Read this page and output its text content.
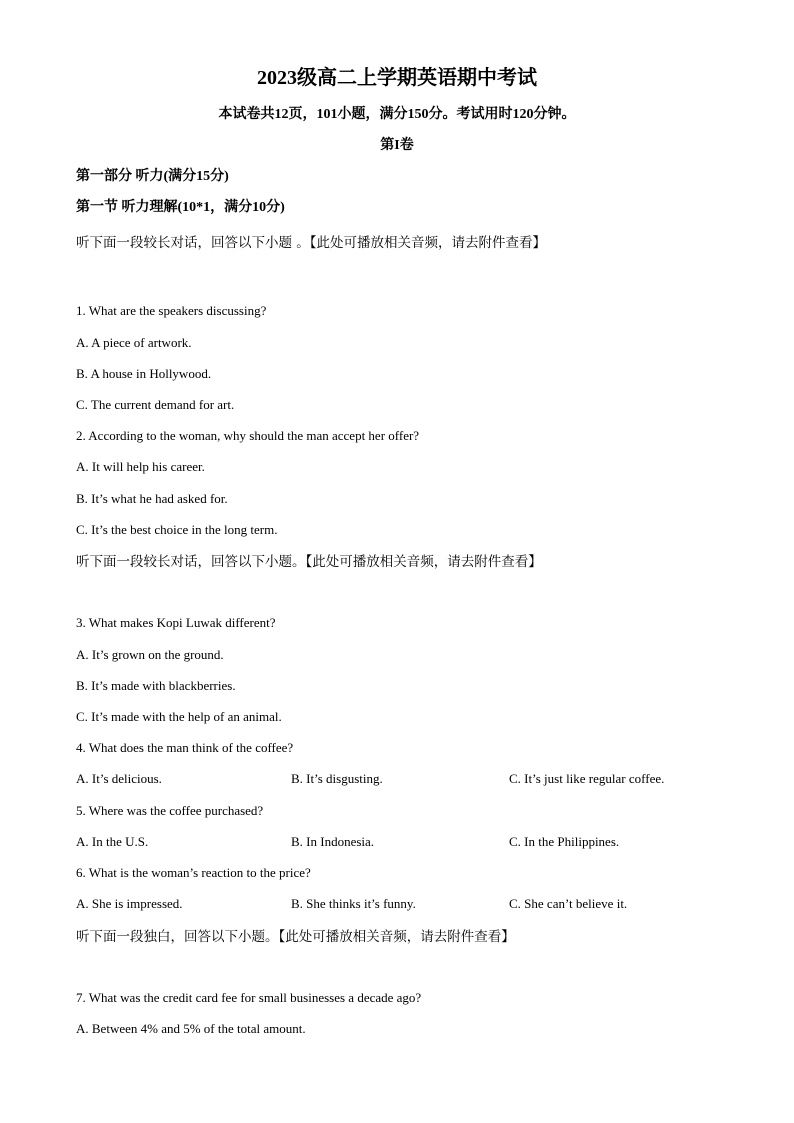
2023级高二上学期英语期中考试
本试卷共12页，101小题，满分150分。考试用时120分钟。
第I卷
第一部分 听力(满分15分)
第一节 听力理解(10*1，满分10分)
听下面一段较长对话，回答以下小题 。【此处可播放相关音频，请去附件查看】
1. What are the speakers discussing?
A. A piece of artwork.
B. A house in Hollywood.
C. The current demand for art.
2. According to the woman, why should the man accept her offer?
A. It will help his career.
B. It’s what he had asked for.
C. It’s the best choice in the long term.
听下面一段较长对话，回答以下小题。【此处可播放相关音频，请去附件查看】
3. What makes Kopi Luwak different?
A. It’s grown on the ground.
B. It’s made with blackberries.
C. It’s made with the help of an animal.
4. What does the man think of the coffee?
A. It’s delicious.	B. It’s disgusting.	C. It’s just like regular coffee.
5. Where was the coffee purchased?
A. In the U.S.	B. In Indonesia.	C. In the Philippines.
6. What is the woman’s reaction to the price?
A. She is impressed.	B. She thinks it’s funny.	C. She can’t believe it.
听下面一段独白，回答以下小题。【此处可播放相关音频，请去附件查看】
7. What was the credit card fee for small businesses a decade ago?
A. Between 4% and 5% of the total amount.
